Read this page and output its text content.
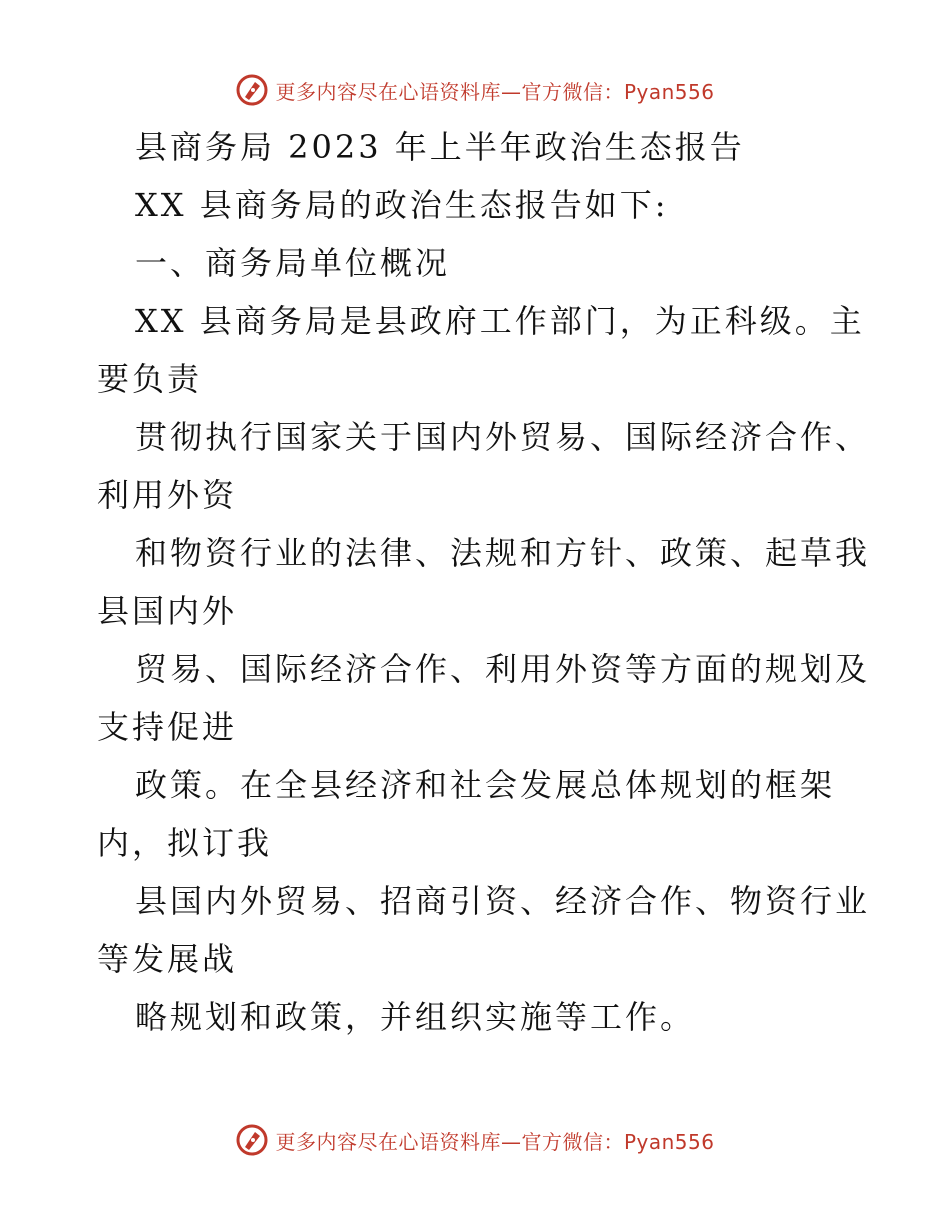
更多内容尽在心语资料库—官方微信：Pyan556
县商务局 2023 年上半年政治生态报告
XX 县商务局的政治生态报告如下:
一、商务局单位概况
XX 县商务局是县政府工作部门，为正科级。主
要负责
贯彻执行国家关于国内外贸易、国际经济合作、
利用外资
和物资行业的法律、法规和方针、政策、起草我
县国内外
贸易、国际经济合作、利用外资等方面的规划及
支持促进
政策。在全县经济和社会发展总体规划的框架
内，拟订我
县国内外贸易、招商引资、经济合作、物资行业
等发展战
略规划和政策，并组织实施等工作。
更多内容尽在心语资料库—官方微信：Pyan556
